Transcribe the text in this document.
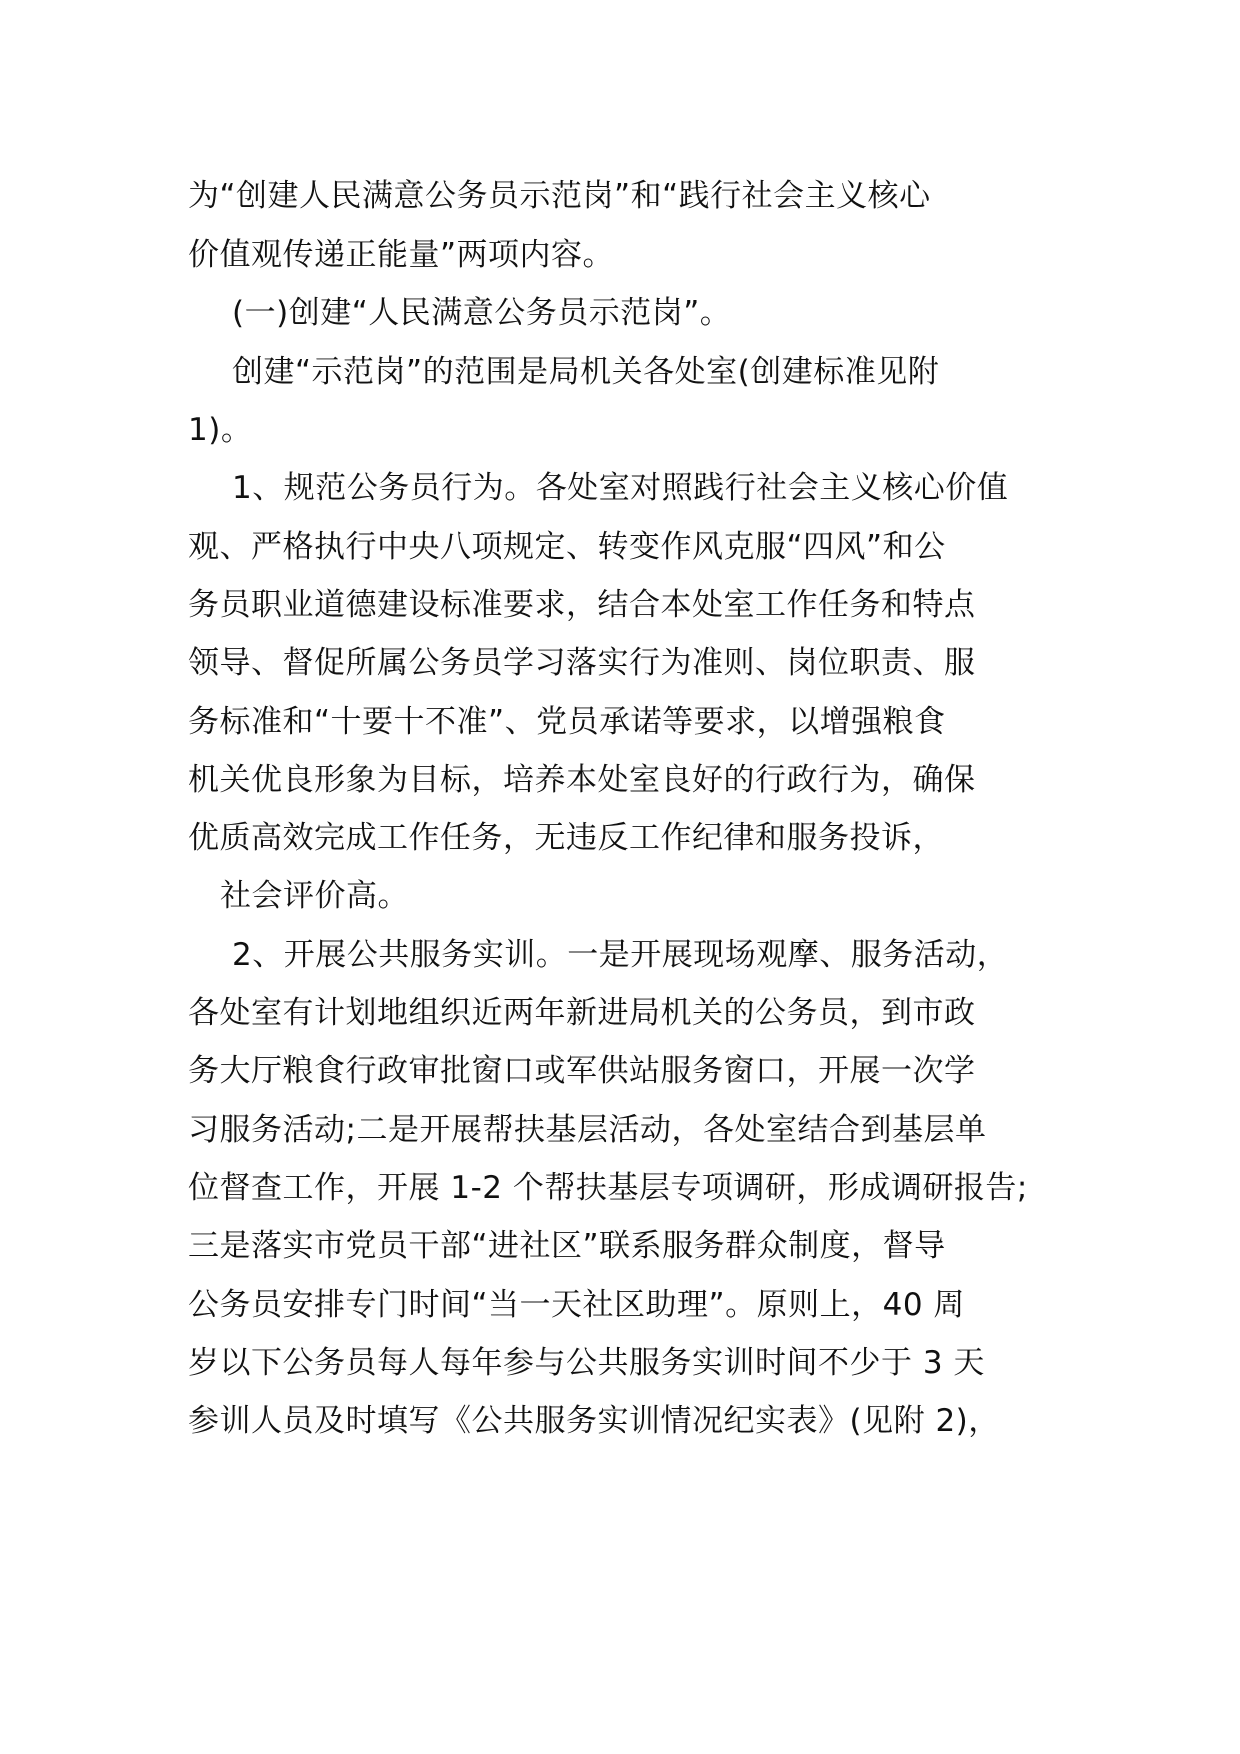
为“创建人民满意公务员示范岗”和“践行社会主义核心
价值观传递正能量”两项内容。
(一)创建“人民满意公务员示范岗”。
创建“示范岗”的范围是局机关各处室(创建标准见附
1)。
1、规范公务员行为。各处室对照践行社会主义核心价值
观、严格执行中央八项规定、转变作风克服“四风”和公
务员职业道德建设标准要求，结合本处室工作任务和特点
领导、督促所属公务员学习落实行为准则、岗位职责、服
务标准和“十要十不准”、党员承诺等要求，以增强粮食
机关优良形象为目标，培养本处室良好的行政行为，确保
优质高效完成工作任务，无违反工作纪律和服务投诉，
社会评价高。
2、开展公共服务实训。一是开展现场观摩、服务活动，
各处室有计划地组织近两年新进局机关的公务员，到市政
务大厅粮食行政审批窗口或军供站服务窗口，开展一次学
习服务活动;二是开展帮扶基层活动，各处室结合到基层单
位督查工作，开展 1-2 个帮扶基层专项调研，形成调研报告;
三是落实市党员干部“进社区”联系服务群众制度，督导
公务员安排专门时间“当一天社区助理”。原则上，40 周
岁以下公务员每人每年参与公共服务实训时间不少于 3 天
参训人员及时填写《公共服务实训情况纪实表》(见附 2)，
